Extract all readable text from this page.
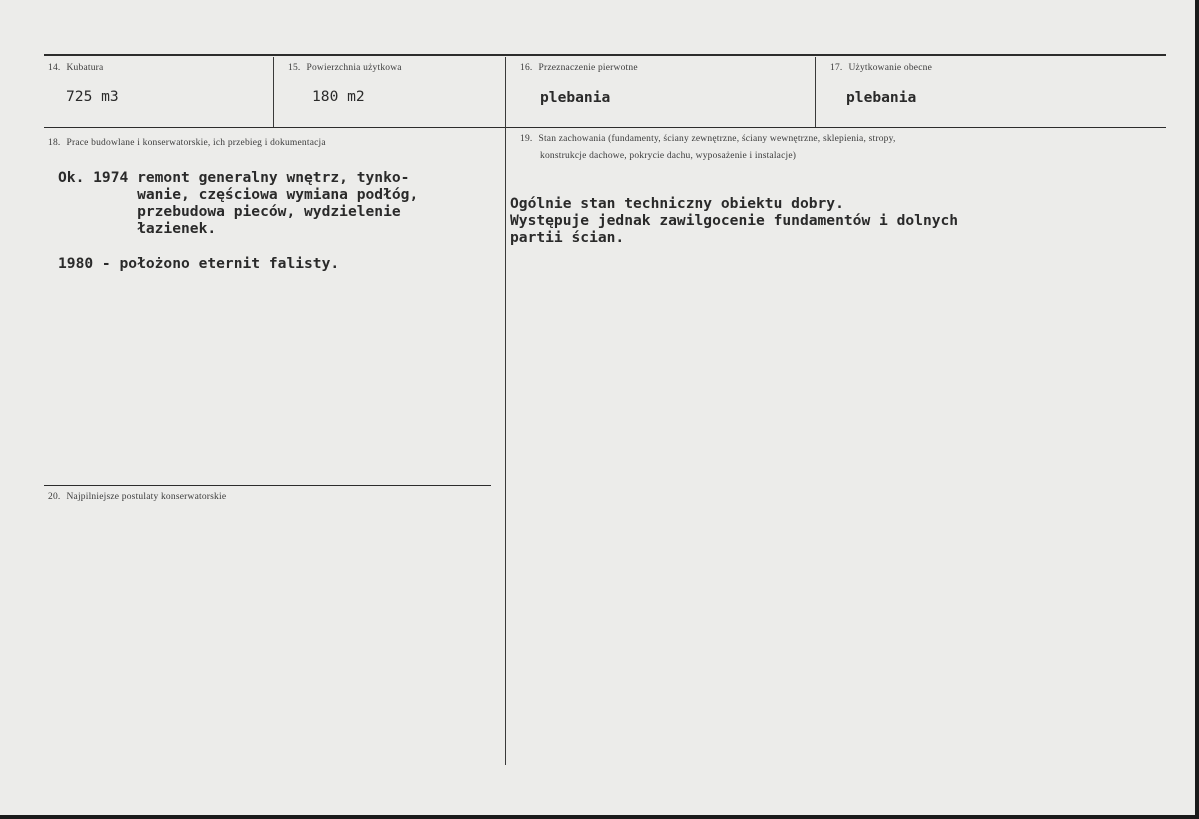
14. Kubatura
725 m3
15. Powierzchnia użytkowa
180 m2
16. Przeznaczenie pierwotne
plebania
17. Użytkowanie obecne
plebania
18. Prace budowlane i konserwatorskie, ich przebieg i dokumentacja
Ok. 1974 remont generalny wnętrz, tynko-
wanie, częściowa wymiana podłóg,
przebudowa pieców, wydzielenie
łazienek.
1980 - położono eternit falisty.
19. Stan zachowania (fundamenty, ściany zewnętrzne, ściany wewnętrzne, sklepienia, stropy,
konstrukcje dachowe, pokrycie dachu, wyposażenie i instalacje)
Ogólnie stan techniczny obiektu dobry.
Występuje jednak zawilgocenie fundamentów i dolnych
partii ścian.
20. Najpilniejsze postulaty konserwatorskie
